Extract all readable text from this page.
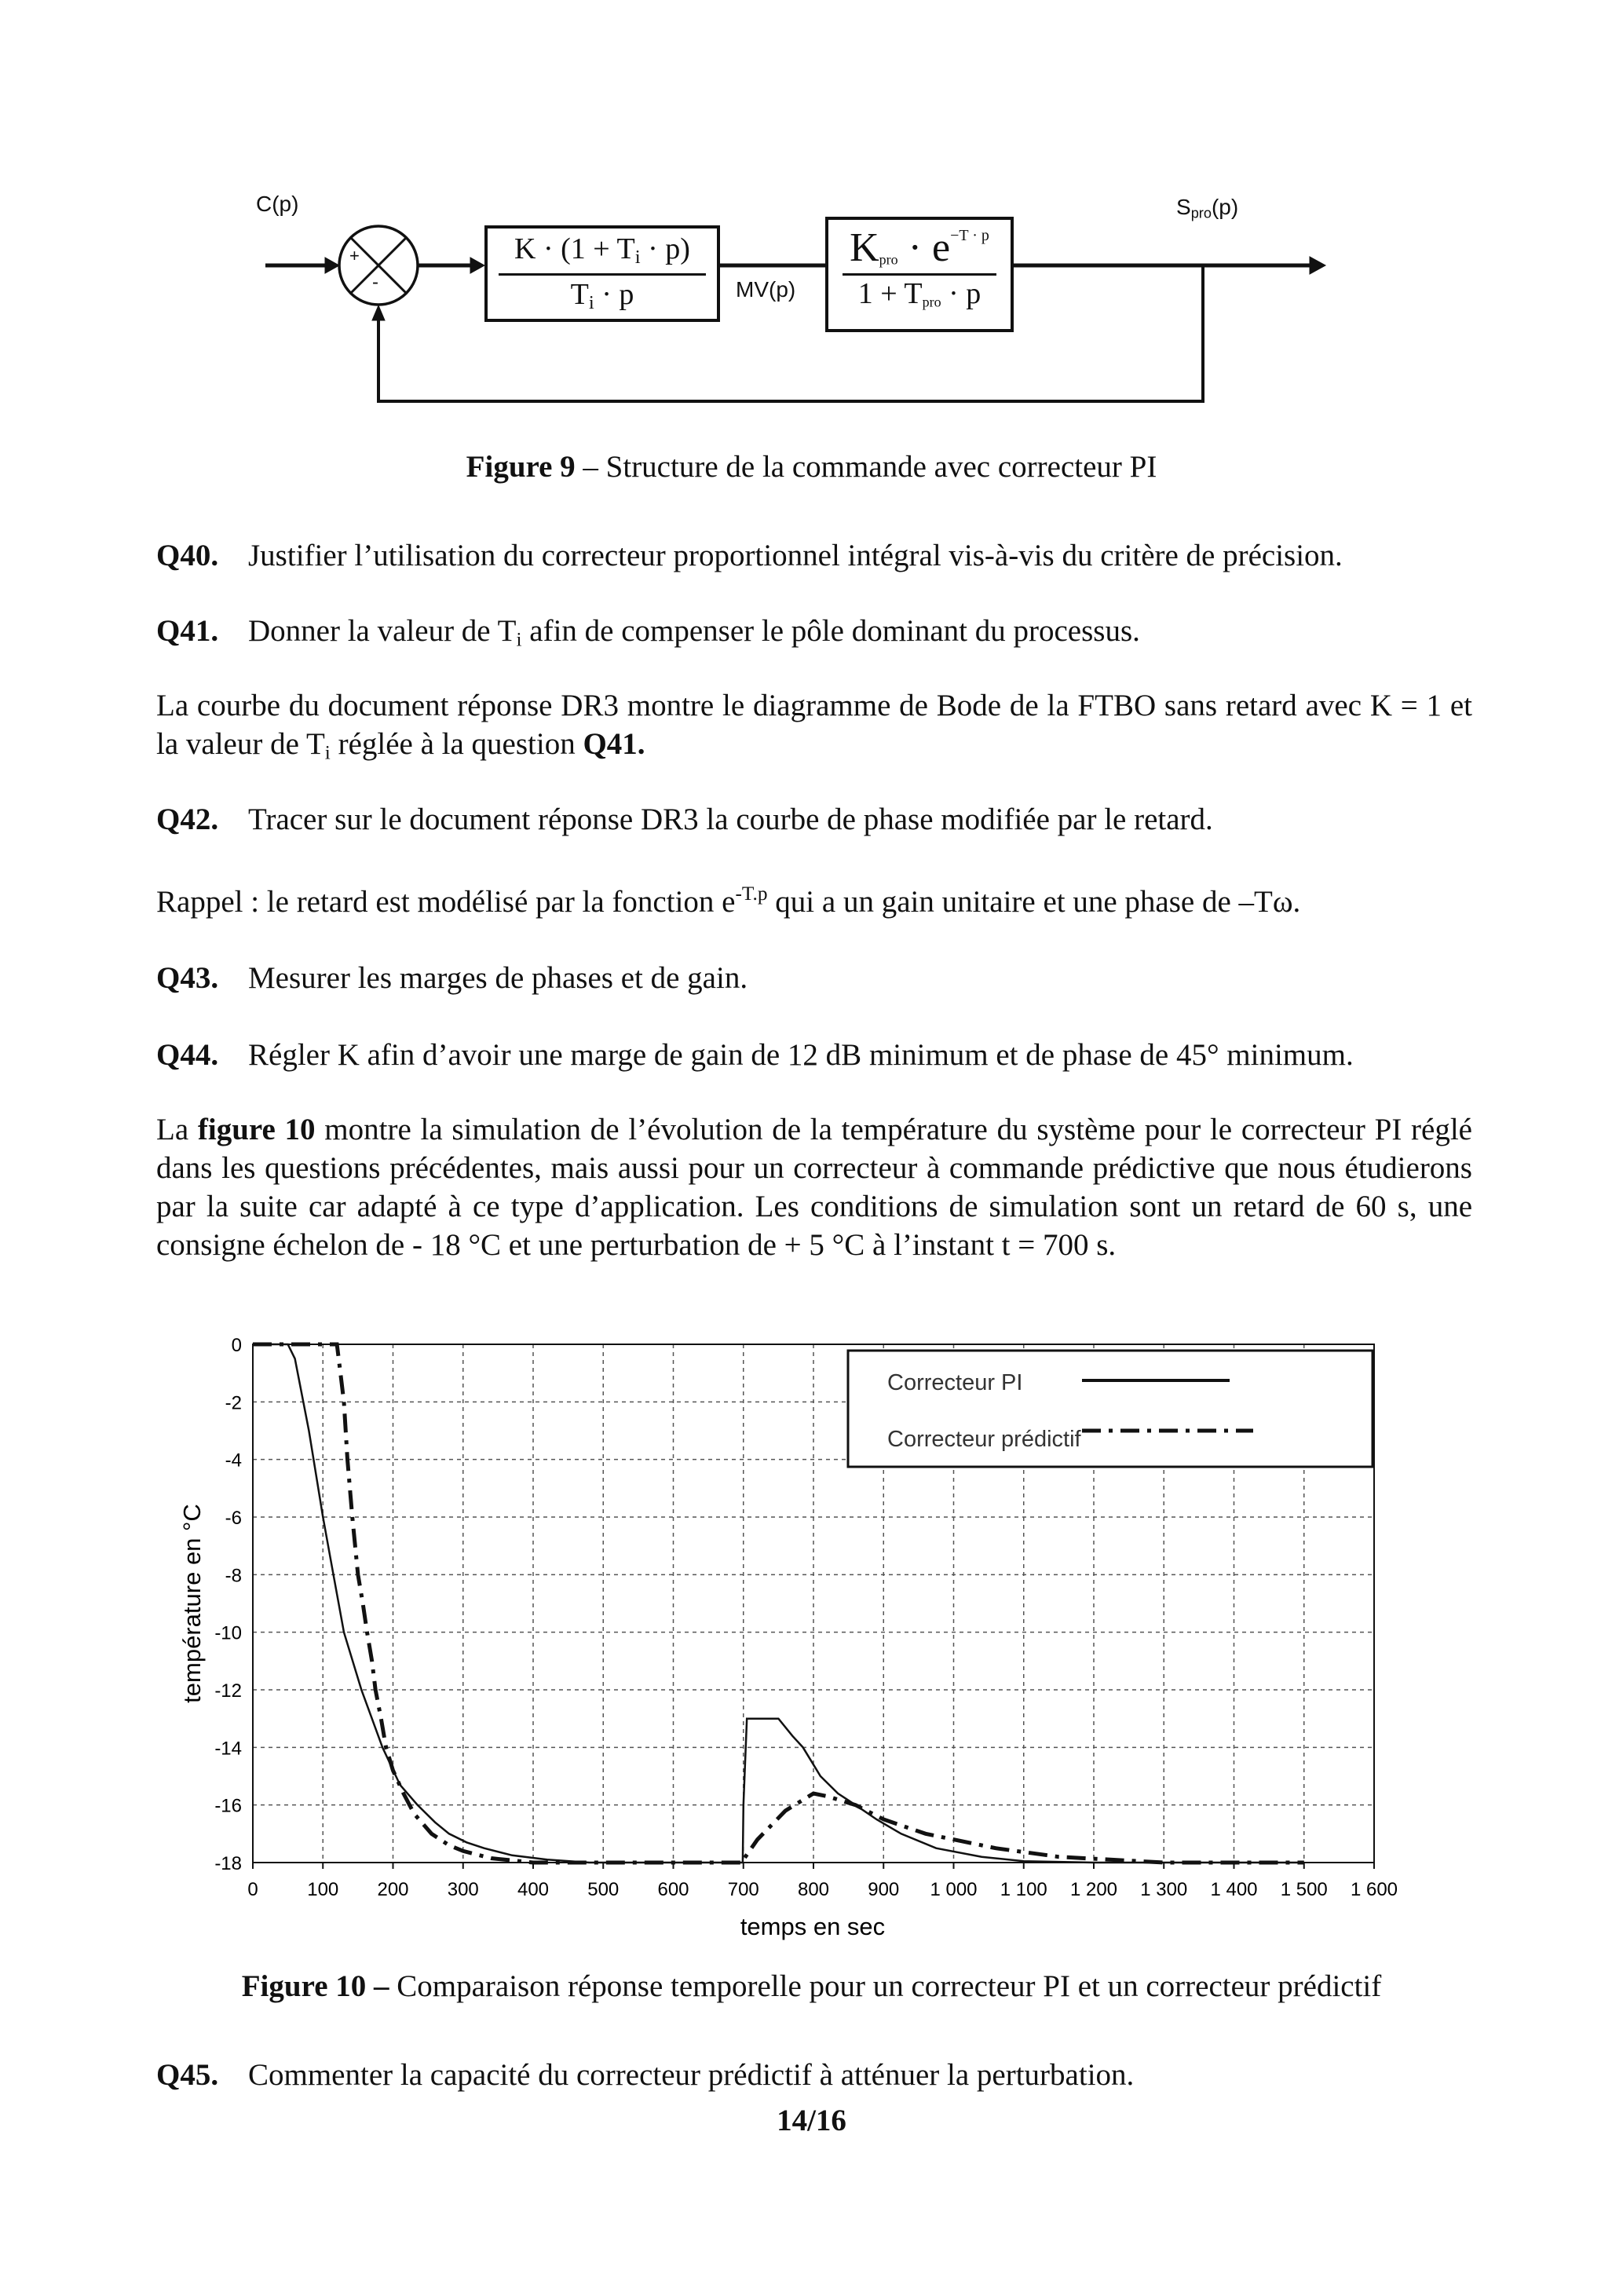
C(p)	$S_{pro}(p)$
+
-
$K \cdot (1 + T_i \cdot p)$
$T_i \cdot p$	MV(p)
$K_{pro} \cdot e^{-T \cdot p}$
$1 + T_{pro} \cdot p$
Figure 9 – Structure de la commande avec correcteur PI
Q40. Justifier l’utilisation du correcteur proportionnel intégral vis-à-vis du critère de précision.
Q41. Donner la valeur de $T_i$ afin de compenser le pôle dominant du processus.
La courbe du document réponse DR3 montre le diagramme de Bode de la FTBO sans retard avec K = 1 et la valeur de $T_i$ réglée à la question Q41.
Q42. Tracer sur le document réponse DR3 la courbe de phase modifiée par le retard.
Rappel : le retard est modélisé par la fonction $e^{-T.p}$ qui a un gain unitaire et une phase de –Tω.
Q43. Mesurer les marges de phases et de gain.
Q44. Régler K afin d’avoir une marge de gain de 12 dB minimum et de phase de 45° minimum.
La figure 10 montre la simulation de l’évolution de la température du système pour le correcteur PI réglé dans les questions précédentes, mais aussi pour un correcteur à commande prédictive que nous étudierons par la suite car adapté à ce type d’application. Les conditions de simulation sont un retard de 60 s, une consigne échelon de - 18 °C et une perturbation de + 5 °C à l’instant t = 700 s.
0	100 200 300 400 500 600 700 800 900 1 000 1 100 1 200 1 300 1 400 1 500 1 600
0
-2
-4
-6
-8
-10
-12
-14
-16
-18
temps en sec
température en °C
Correcteur PI
Correcteur prédictif
Figure 10 – Comparaison réponse temporelle pour un correcteur PI et un correcteur prédictif
Q45. Commenter la capacité du correcteur prédictif à atténuer la perturbation.
14/16
